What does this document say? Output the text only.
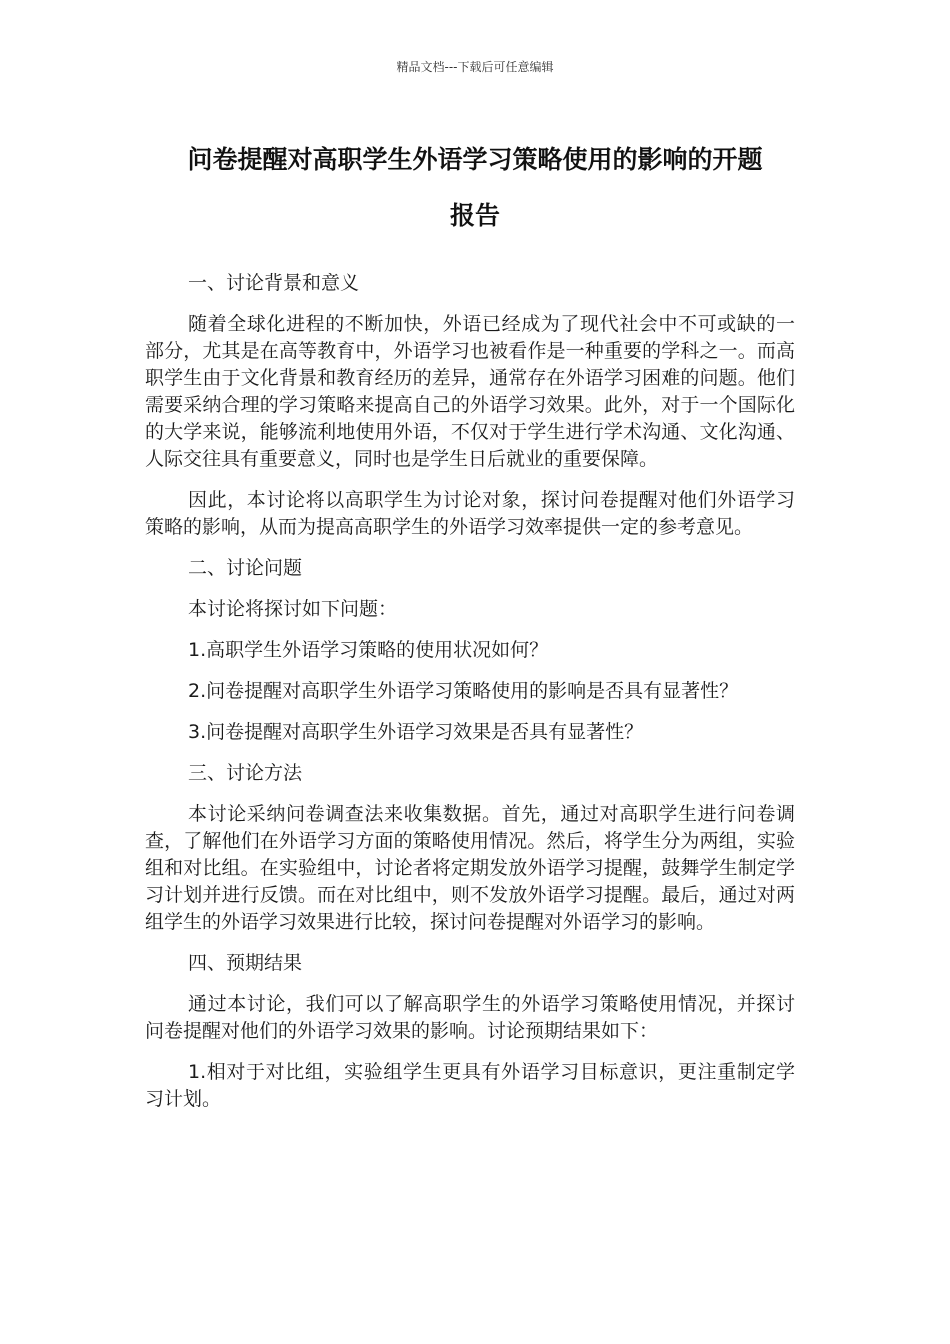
精品文档---下载后可任意编辑
问卷提醒对高职学生外语学习策略使用的影响的开题
报告

一、讨论背景和意义

随着全球化进程的不断加快，外语已经成为了现代社会中不可或缺的一部分，尤其是在高等教育中，外语学习也被看作是一种重要的学科之一。而高职学生由于文化背景和教育经历的差异，通常存在外语学习困难的问题。他们需要采纳合理的学习策略来提高自己的外语学习效果。此外，对于一个国际化的大学来说，能够流利地使用外语，不仅对于学生进行学术沟通、文化沟通、人际交往具有重要意义，同时也是学生日后就业的重要保障。

因此，本讨论将以高职学生为讨论对象，探讨问卷提醒对他们外语学习策略的影响，从而为提高高职学生的外语学习效率提供一定的参考意见。

二、讨论问题

本讨论将探讨如下问题：

1.高职学生外语学习策略的使用状况如何？

2.问卷提醒对高职学生外语学习策略使用的影响是否具有显著性？

3.问卷提醒对高职学生外语学习效果是否具有显著性？

三、讨论方法

本讨论采纳问卷调查法来收集数据。首先，通过对高职学生进行问卷调查，了解他们在外语学习方面的策略使用情况。然后，将学生分为两组，实验组和对比组。在实验组中，讨论者将定期发放外语学习提醒，鼓舞学生制定学习计划并进行反馈。而在对比组中，则不发放外语学习提醒。最后，通过对两组学生的外语学习效果进行比较，探讨问卷提醒对外语学习的影响。

四、预期结果

通过本讨论，我们可以了解高职学生的外语学习策略使用情况，并探讨问卷提醒对他们的外语学习效果的影响。讨论预期结果如下：

1.相对于对比组，实验组学生更具有外语学习目标意识，更注重制定学习计划。
